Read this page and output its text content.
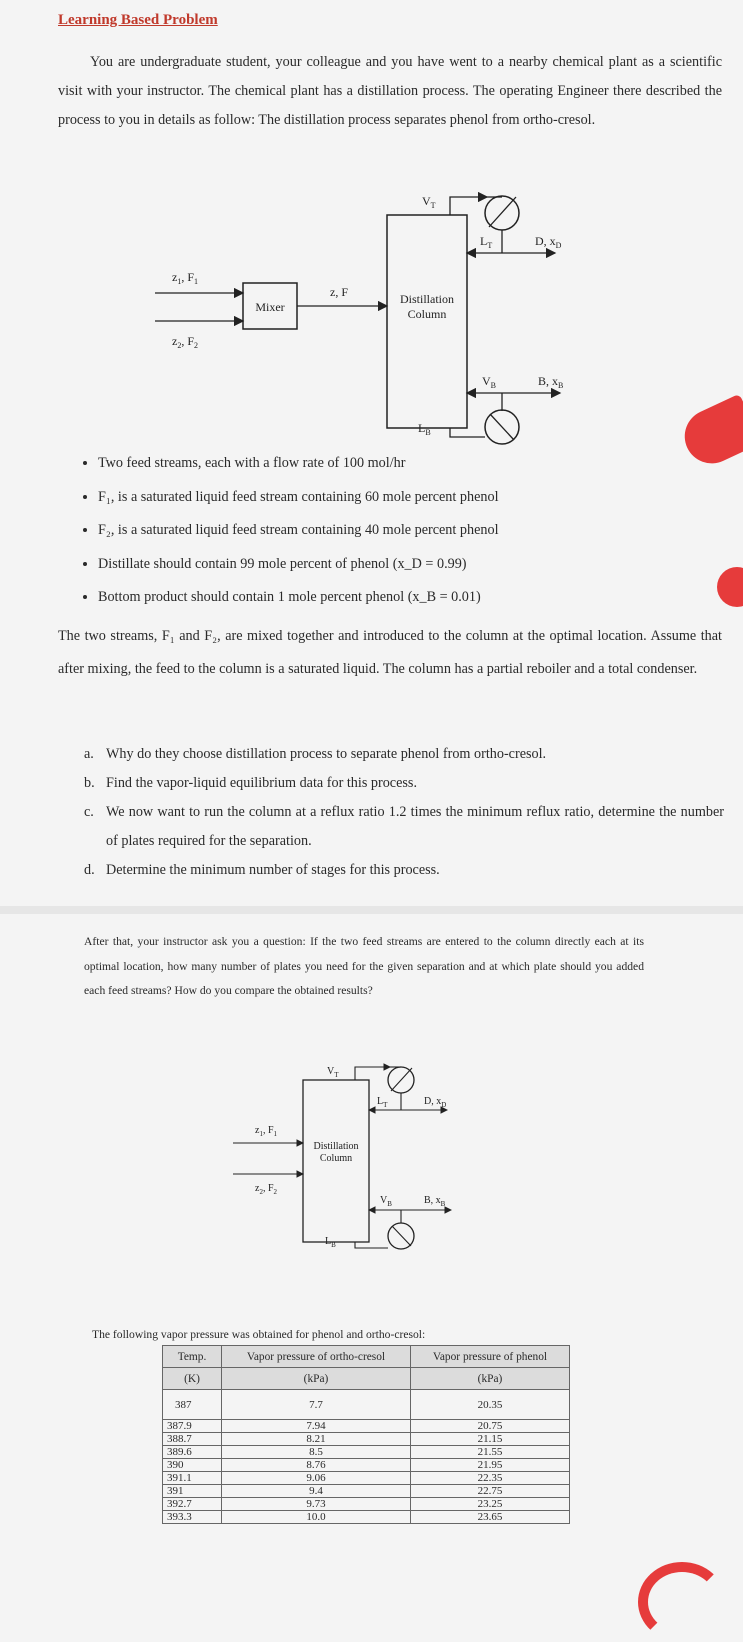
Learning Based Problem
You are undergraduate student, your colleague and you have went to a nearby chemical plant as a scientific visit with your instructor. The chemical plant has a distillation process. The operating Engineer there described the process to you in details as follow: The distillation process separates phenol from ortho-cresol.
Distillation
Column
Mixer
$z_1$, $F_1$
$z_2$, $F_2$
z, F
$V_T$
$L_T$	D, $x_D$
$V_B$	B, $x_B$
$L_B$
• Two feed streams, each with a flow rate of 100 mol/hr
• F₁, is a saturated liquid feed stream containing 60 mole percent phenol
• F₂, is a saturated liquid feed stream containing 40 mole percent phenol
• Distillate should contain 99 mole percent of phenol (x_D = 0.99)
• Bottom product should contain 1 mole percent phenol (x_B = 0.01)
The two streams, F₁ and F₂, are mixed together and introduced to the column at the optimal location. Assume that after mixing, the feed to the column is a saturated liquid. The column has a partial reboiler and a total condenser.
a. Why do they choose distillation process to separate phenol from ortho-cresol.
b. Find the vapor-liquid equilibrium data for this process.
c. We now want to run the column at a reflux ratio 1.2 times the minimum reflux ratio, determine the number of plates required for the separation.
d. Determine the minimum number of stages for this process.
After that, your instructor ask you a question: If the two feed streams are entered to the column directly each at its optimal location, how many number of plates you need for the given separation and at which plate should you added each feed streams? How do you compare the obtained results?
Distillation
Column
$z_1$, $F_1$
$z_2$, $F_2$
$V_T$
$L_T$	D, $x_D$
$V_B$	B, $x_B$
$L_B$
The following vapor pressure was obtained for phenol and ortho-cresol:
Temp.	Vapor pressure of ortho-cresol	Vapor pressure of phenol
(K)	(kPa)	(kPa)
387	7.7	20.35
387.9	7.94	20.75
388.7	8.21	21.15
389.6	8.5	21.55
390	8.76	21.95
391.1	9.06	22.35
391	9.4	22.75
392.7	9.73	23.25
393.3	10.0	23.65
